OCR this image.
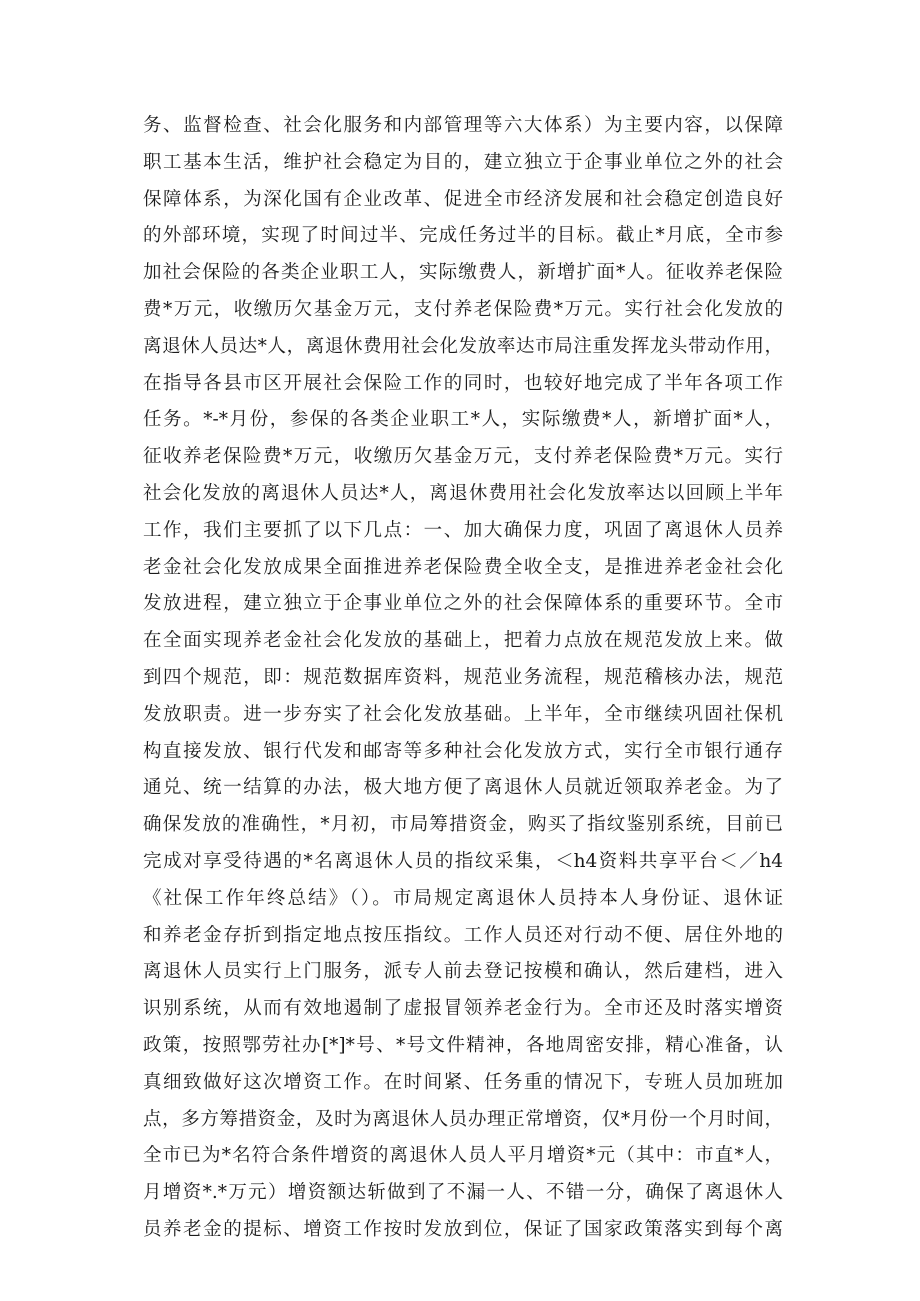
务、监督检查、社会化服务和内部管理等六大体系）为主要内容，以保障
职工基本生活，维护社会稳定为目的，建立独立于企事业单位之外的社会
保障体系，为深化国有企业改革、促进全市经济发展和社会稳定创造良好
的外部环境，实现了时间过半、完成任务过半的目标。截止*月底，全市参
加社会保险的各类企业职工人，实际缴费人，新增扩面*人。征收养老保险
费*万元，收缴历欠基金万元，支付养老保险费*万元。实行社会化发放的
离退休人员达*人，离退休费用社会化发放率达市局注重发挥龙头带动作用，
在指导各县市区开展社会保险工作的同时，也较好地完成了半年各项工作
任务。*-*月份，参保的各类企业职工*人，实际缴费*人，新增扩面*人，
征收养老保险费*万元，收缴历欠基金万元，支付养老保险费*万元。实行
社会化发放的离退休人员达*人，离退休费用社会化发放率达以回顾上半年
工作，我们主要抓了以下几点：一、加大确保力度，巩固了离退休人员养
老金社会化发放成果全面推进养老保险费全收全支，是推进养老金社会化
发放进程，建立独立于企事业单位之外的社会保障体系的重要环节。全市
在全面实现养老金社会化发放的基础上，把着力点放在规范发放上来。做
到四个规范，即：规范数据库资料，规范业务流程，规范稽核办法，规范
发放职责。进一步夯实了社会化发放基础。上半年，全市继续巩固社保机
构直接发放、银行代发和邮寄等多种社会化发放方式，实行全市银行通存
通兑、统一结算的办法，极大地方便了离退休人员就近领取养老金。为了
确保发放的准确性，*月初，市局筹措资金，购买了指纹鉴别系统，目前已
完成对享受待遇的*名离退休人员的指纹采集，＜h4资料共享平台＜／h4
《社保工作年终总结》（）。市局规定离退休人员持本人身份证、退休证
和养老金存折到指定地点按压指纹。工作人员还对行动不便、居住外地的
离退休人员实行上门服务，派专人前去登记按模和确认，然后建档，进入
识别系统，从而有效地遏制了虚报冒领养老金行为。全市还及时落实增资
政策，按照鄂劳社办[*]*号、*号文件精神，各地周密安排，精心准备，认
真细致做好这次增资工作。在时间紧、任务重的情况下，专班人员加班加
点，多方筹措资金，及时为离退休人员办理正常增资，仅*月份一个月时间，
全市已为*名符合条件增资的离退休人员人平月增资*元（其中：市直*人，
月增资*.*万元）增资额达斩做到了不漏一人、不错一分，确保了离退休人
员养老金的提标、增资工作按时发放到位，保证了国家政策落实到每个离
